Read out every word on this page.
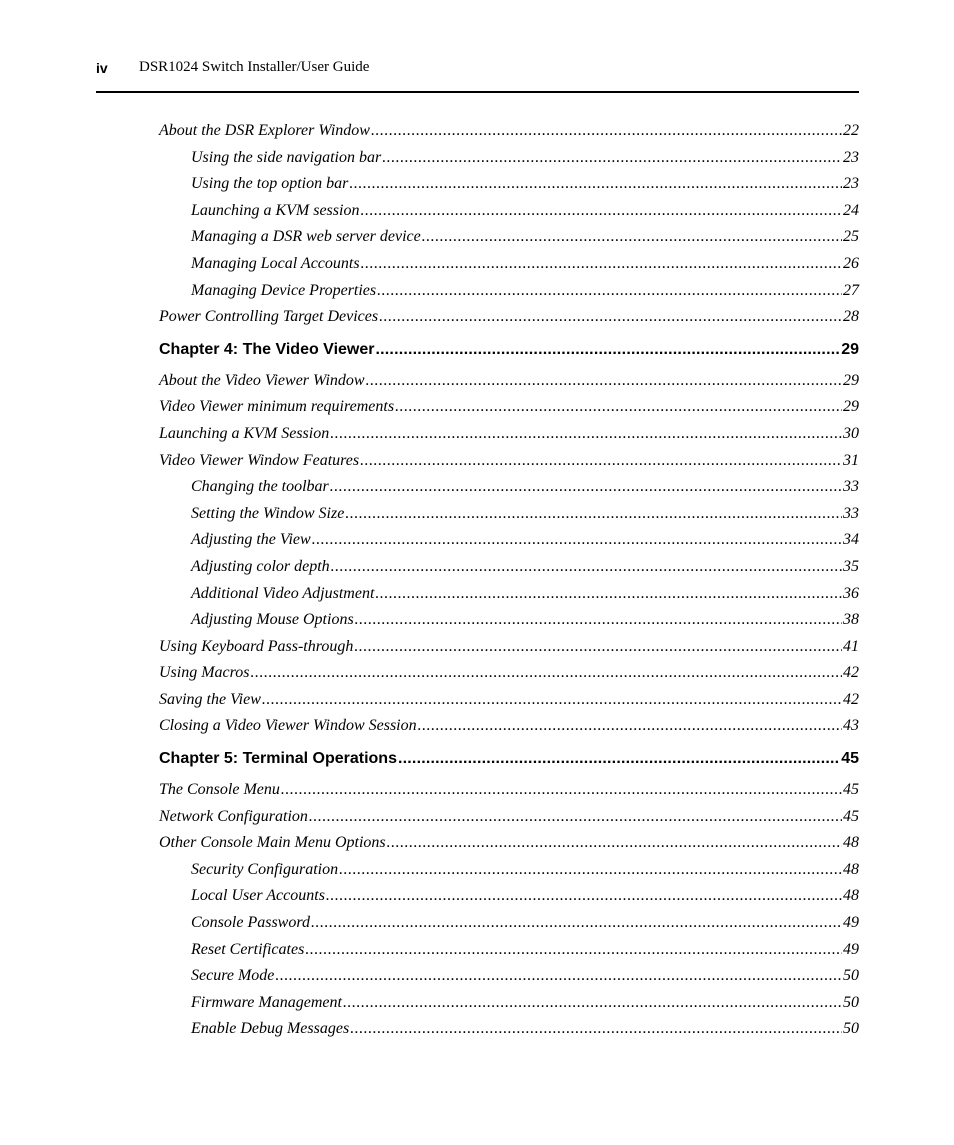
iv DSR1024 Switch Installer/User Guide
About the DSR Explorer Window .....	22
Using the side navigation bar .....	23
Using the top option bar .....	23
Launching a KVM session .....	24
Managing a DSR web server device .....	25
Managing Local Accounts .....	26
Managing Device Properties .....	27
Power Controlling Target Devices .....	28
Chapter 4: The Video Viewer .....	29
About the Video Viewer Window .....	29
Video Viewer minimum requirements .....	29
Launching a KVM Session .....	30
Video Viewer Window Features .....	31
Changing the toolbar .....	33
Setting the Window Size .....	33
Adjusting the View .....	34
Adjusting color depth .....	35
Additional Video Adjustment .....	36
Adjusting Mouse Options .....	38
Using Keyboard Pass-through .....	41
Using Macros .....	42
Saving the View .....	42
Closing a Video Viewer Window Session .....	43
Chapter 5: Terminal Operations .....	45
The Console Menu .....	45
Network Configuration .....	45
Other Console Main Menu Options .....	48
Security Configuration .....	48
Local User Accounts .....	48
Console Password .....	49
Reset Certificates .....	49
Secure Mode .....	50
Firmware Management .....	50
Enable Debug Messages .....	50
